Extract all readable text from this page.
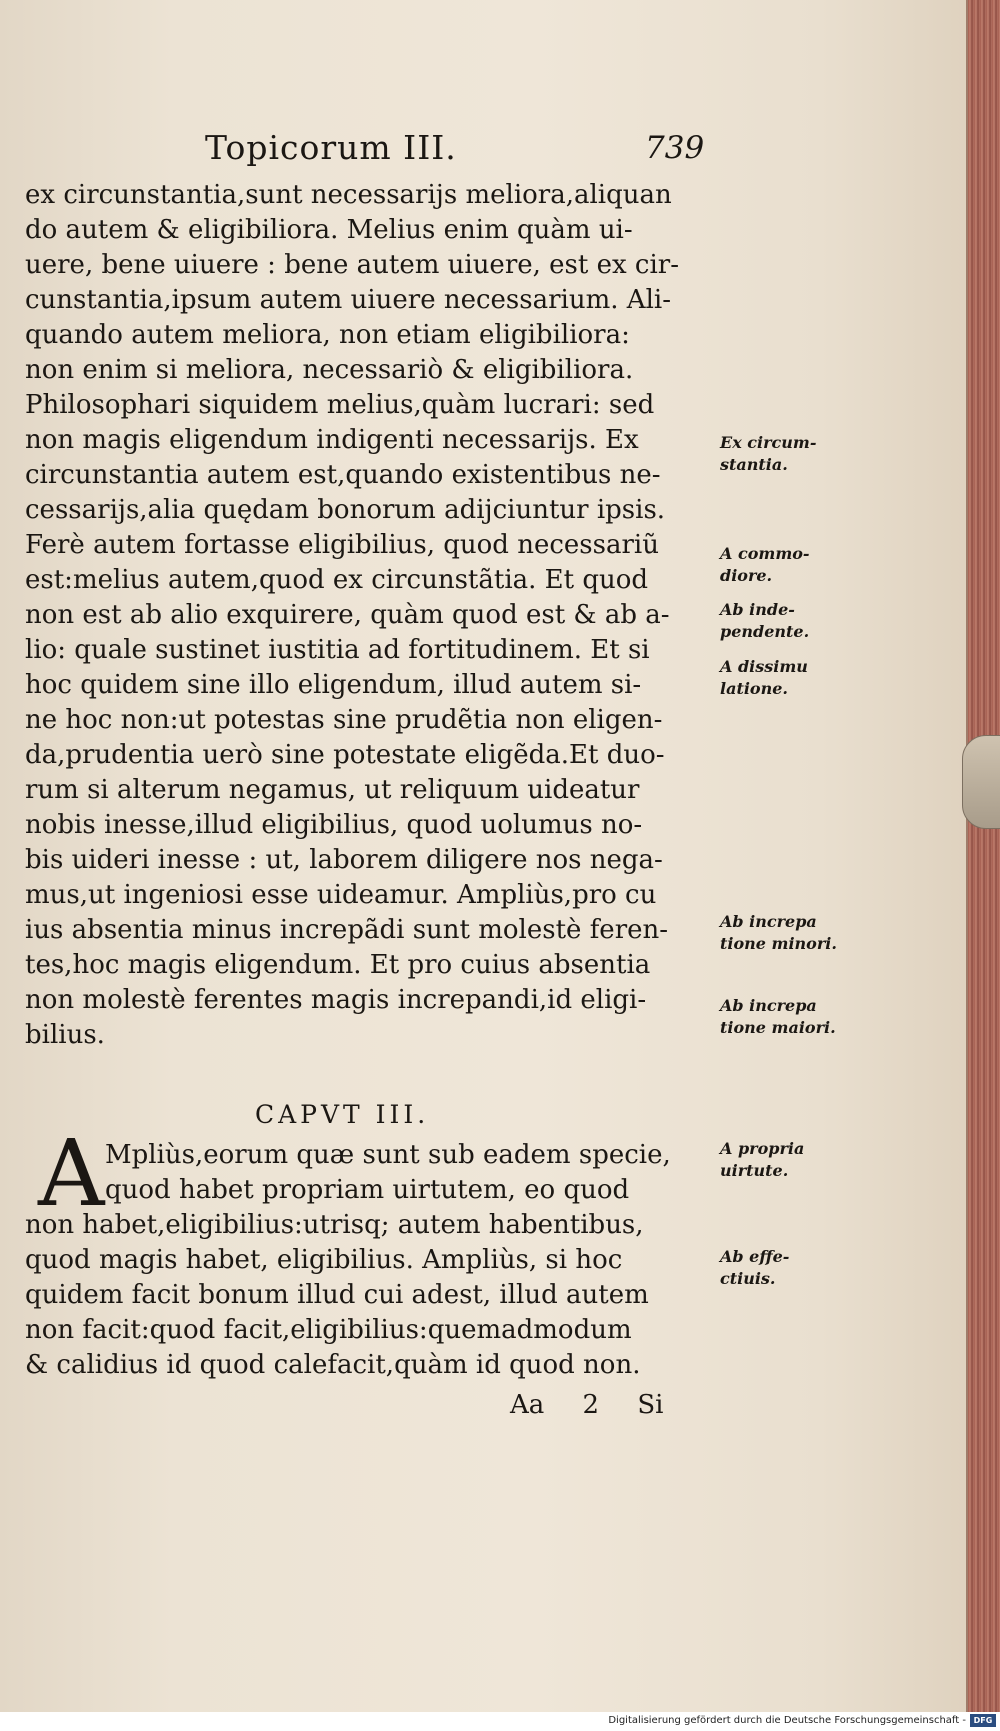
Topicorum III.	739
ex circunstantia,sunt necessarijs meliora,aliquan
do autem & eligibiliora. Melius enim quàm ui-
uere, bene uiuere : bene autem uiuere, est ex cir-
cunstantia,ipsum autem uiuere necessarium. Ali-
quando autem meliora, non etiam eligibiliora:
non enim si meliora, necessariò & eligibiliora.
Philosophari siquidem melius,quàm lucrari: sed
non magis eligendum indigenti necessarijs. Ex
circunstantia autem est,quando existentibus ne-
cessarijs,alia quędam bonorum adijciuntur ipsis.
Ferè autem fortasse eligibilius, quod necessariũ
est:melius autem,quod ex circunstãtia. Et quod
non est ab alio exquirere, quàm quod est & ab a-
lio: quale sustinet iustitia ad fortitudinem. Et si
hoc quidem sine illo eligendum, illud autem si-
ne hoc non:ut potestas sine prudẽtia non eligen-
da,prudentia uerò sine potestate eligẽda.Et duo-
rum si alterum negamus, ut reliquum uideatur
nobis inesse,illud eligibilius, quod uolumus no-
bis uideri inesse : ut, laborem diligere nos nega-
mus,ut ingeniosi esse uideamur. Ampliùs,pro cu
ius absentia minus increpãdi sunt molestè feren-
tes,hoc magis eligendum. Et pro cuius absentia
non molestè ferentes magis increpandi,id eligi-
bilius.
CAPVT III.
A Mpliùs,eorum quæ sunt sub eadem specie,
quod habet propriam uirtutem, eo quod
non habet,eligibilius:utrisq; autem habentibus,
quod magis habet, eligibilius. Ampliùs, si hoc
quidem facit bonum illud cui adest, illud autem
non facit:quod facit,eligibilius:quemadmodum
& calidius id quod calefacit,quàm id quod non.
Aa 2 Si
Ex circum-
stantia.
A commo-
diore.
Ab inde-
pendente.
A dissimu
latione.
Ab increpa
tione minori.
Ab increpa
tione maiori.
A propria
uirtute.
Ab effe-
ctiuis.
Digitalisierung gefördert durch die Deutsche Forschungsgemeinschaft - DFG
